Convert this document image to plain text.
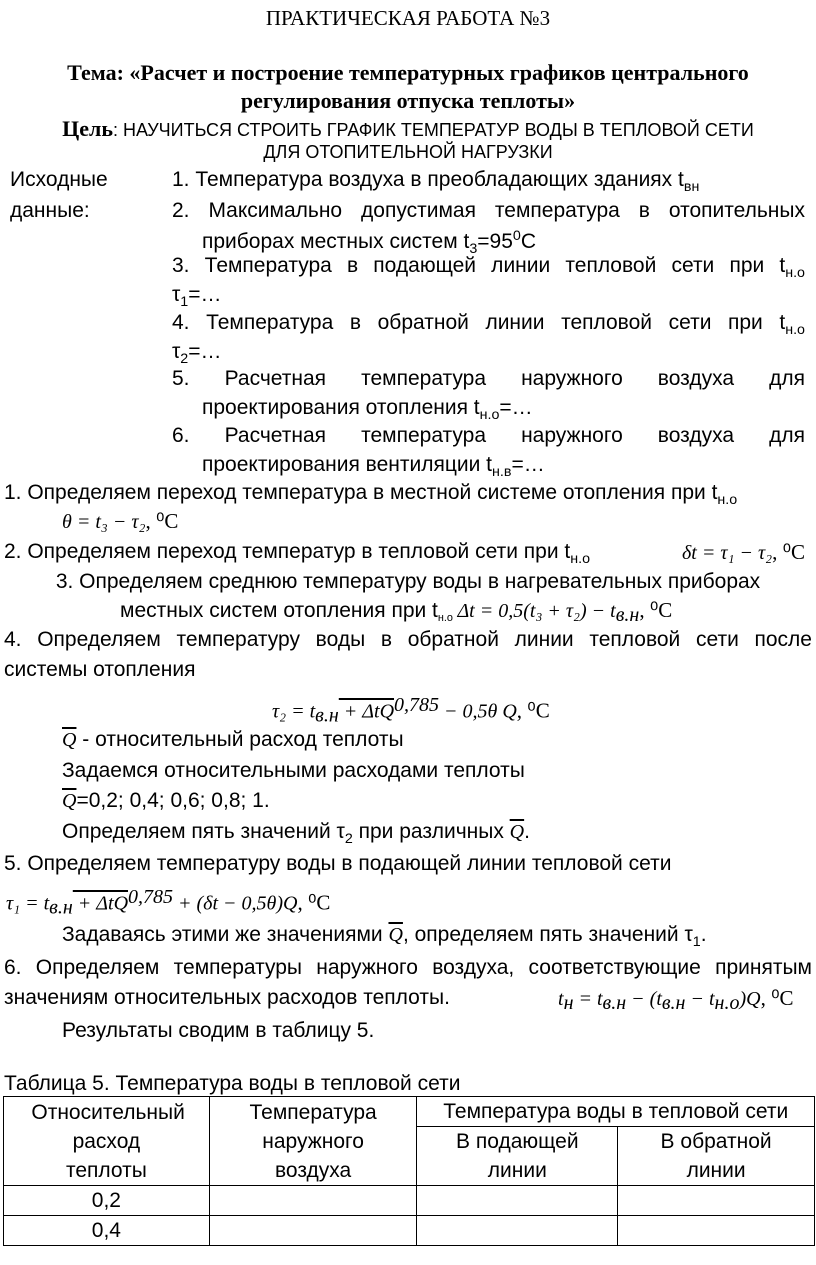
ПРАКТИЧЕСКАЯ РАБОТА №3
Тема: «Расчет и построение температурных графиков центрального
регулирования отпуска теплоты»
Цель: НАУЧИТЬСЯ СТРОИТЬ ГРАФИК ТЕМПЕРАТУР ВОДЫ В ТЕПЛОВОЙ СЕТИ
ДЛЯ ОТОПИТЕЛЬНОЙ НАГРУЗКИ
Исходные
данные:
1. Температура воздуха в преобладающих зданиях $t_{вн}$
2. Максимально допустимая температура в отопительных
приборах местных систем $t_3=95^0С$
3. Температура в подающей линии тепловой сети при $t_{н.о}$
$\tau_1=\dots$
4. Температура в обратной линии тепловой сети при $t_{н.о}$
$\tau_2=\dots$
5. Расчетная температура наружного воздуха для
проектирования отопления $t_{н.о}=\dots$
6. Расчетная температура наружного воздуха для
проектирования вентиляции $t_{н.в}=\dots$
1. Определяем переход температура в местной системе отопления при $t_{н.о}$
θ = t₃ − τ₂, ⁰С
2. Определяем переход температур в тепловой сети при $t_{н.о}$	δt = τ₁ − τ₂, ⁰С
3. Определяем среднюю температуру воды в нагревательных приборах
местных систем отопления при $t_{н.о}$ $\Delta t = 0,5(t_3 + \tau_2) - t_{в.н}$, ⁰С
4. Определяем температуру воды в обратной линии тепловой сети после
системы отопления
$\tau_2 = t_{в.н} + \Delta tQ^{0,785} - 0,5\theta$ Q, ⁰С
$\overline{Q}$ - относительный расход теплоты
Задаемся относительными расходами теплоты
$\overline{Q}=0,2$; 0,4; 0,6; 0,8; 1.
Определяем пять значений $\tau_2$ при различных $\overline{Q}$.
5. Определяем температуру воды в подающей линии тепловой сети
$\tau_1 = t_{в.н} + \Delta tQ^{0,785} + (\delta t - 0,5\theta)Q$, ⁰С
Задаваясь этими же значениями $\overline{Q}$, определяем пять значений $\tau_1$.
6. Определяем температуры наружного воздуха, соответствующие принятым
значениям относительных расходов теплоты.	$t_н = t_{в.н} - (t_{в.н} - t_{н.о})Q$, ⁰С
Результаты сводим в таблицу 5.
Таблица 5. Температура воды в тепловой сети
Относительный расход теплоты	Температура наружного воздуха	Температура воды в тепловой сети	

		В подающей линии	В обратной линии

0,2			
0,4			
